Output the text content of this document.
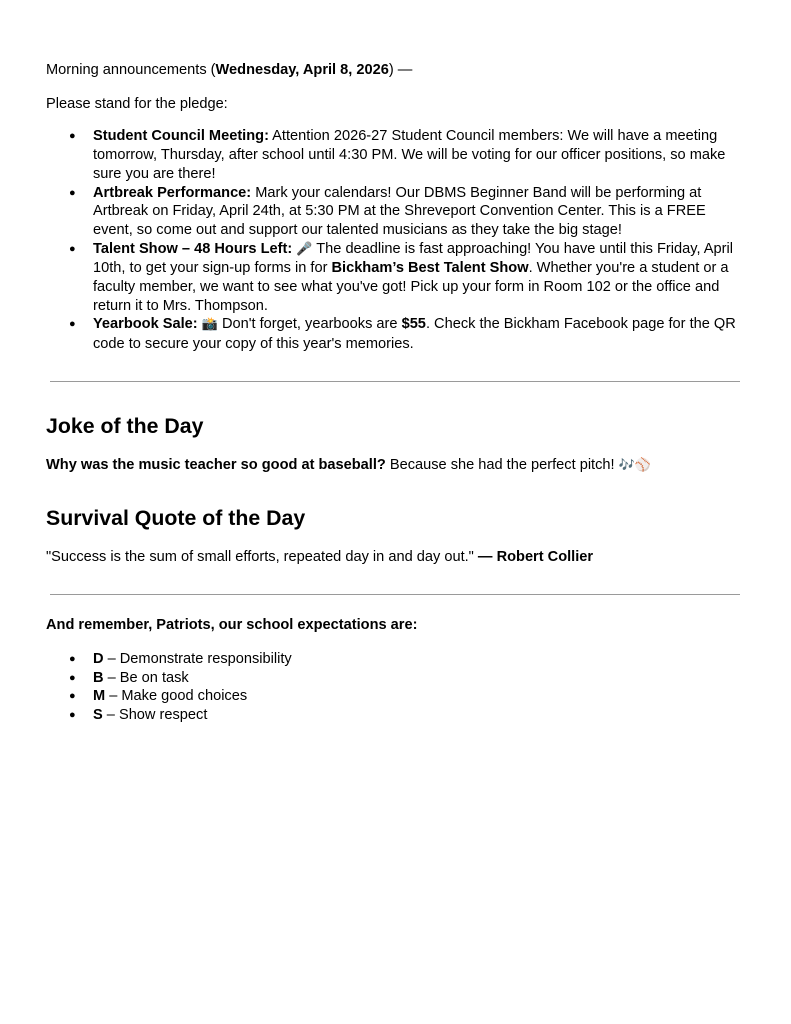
Morning announcements (Wednesday, April 8, 2026) —

Please stand for the pledge:

● Student Council Meeting: Attention 2026-27 Student Council members: We will have a meeting tomorrow, Thursday, after school until 4:30 PM. We will be voting for our officer positions, so make sure you are there!
● Artbreak Performance: Mark your calendars! Our DBMS Beginner Band will be performing at Artbreak on Friday, April 24th, at 5:30 PM at the Shreveport Convention Center. This is a FREE event, so come out and support our talented musicians as they take the big stage!
● Talent Show – 48 Hours Left: 🎤 The deadline is fast approaching! You have until this Friday, April 10th, to get your sign-up forms in for Bickham’s Best Talent Show. Whether you're a student or a faculty member, we want to see what you've got! Pick up your form in Room 102 or the office and return it to Mrs. Thompson.
● Yearbook Sale: 📸 Don't forget, yearbooks are $55. Check the Bickham Facebook page for the QR code to secure your copy of this year's memories.
Joke of the Day

Why was the music teacher so good at baseball? Because she had the perfect pitch! 🎶⚾

Survival Quote of the Day

"Success is the sum of small efforts, repeated day in and day out." — Robert Collier

And remember, Patriots, our school expectations are:

● D – Demonstrate responsibility
● B – Be on task
● M – Make good choices
● S – Show respect
